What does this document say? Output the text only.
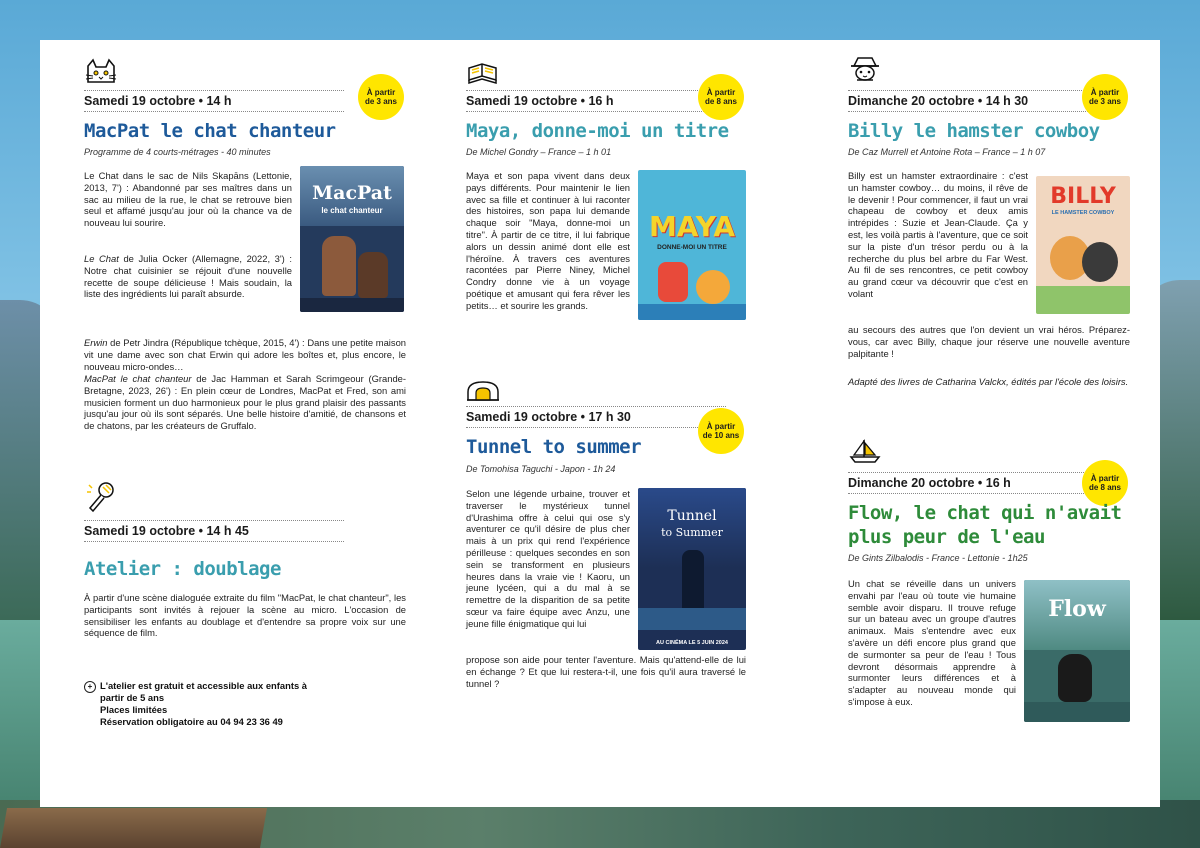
Samedi 19 octobre • 14 h
À partir
de 3 ans
MacPat le chat chanteur
Programme de 4 courts-métrages - 40 minutes
MacPat
le chat chanteur

Le Chat dans le sac de Nils Skapāns (Lettonie, 2013, 7') : Abandonné par ses maîtres dans un sac au milieu de la rue, le chat se retrouve bien seul et affamé jusqu'au jour où la chance va de nouveau lui sourire.

Le Chat de Julia Ocker (Allemagne, 2022, 3') : Notre chat cuisinier se réjouit d'une nouvelle recette de soupe délicieuse ! Mais soudain, la liste des ingrédients lui paraît absurde.

Erwin de Petr Jindra (République tchèque, 2015, 4') : Dans une petite maison vit une dame avec son chat Erwin qui adore les boîtes et, plus encore, le nouveau micro-ondes…

MacPat le chat chanteur de Jac Hamman et Sarah Scrimgeour (Grande-Bretagne, 2023, 26') : En plein cœur de Londres, MacPat et Fred, son ami musicien forment un duo harmonieux pour le plus grand plaisir des passants jusqu'au jour où ils sont séparés. Une belle histoire d'amitié, de chansons et de chatons, par les créateurs de Gruffalo.

Samedi 19 octobre • 14 h 45
Atelier : doublage

À partir d'une scène dialoguée extraite du film "MacPat, le chat chanteur", les participants sont invités à rejouer la scène au micro. L'occasion de sensibiliser les enfants au doublage et d'entendre sa propre voix sur une séquence de film.

+ L'atelier est gratuit et accessible aux enfants à
partir de 5 ans
Places limitées
Réservation obligatoire au 04 94 23 36 49
Samedi 19 octobre • 16 h
À partir
de 8 ans
Maya, donne-moi un titre
De Michel Gondry – France – 1 h 01
MAYA
DONNE-MOI UN TITRE

Maya et son papa vivent dans deux pays différents. Pour maintenir le lien avec sa fille et continuer à lui raconter des histoires, son papa lui demande chaque soir "Maya, donne-moi un titre". À partir de ce titre, il lui fabrique alors un dessin animé dont elle est l'héroïne. À travers ces aventures racontées par Pierre Niney, Michel Condry donne vie à un voyage poétique et amusant qui fera rêver les petits… et sourire les grands.

Samedi 19 octobre • 17 h 30
À partir
de 10 ans
Tunnel to summer
De Tomohisa Taguchi - Japon - 1h 24
Tunnel
to Summer
AU CINÉMA LE 5 JUIN 2024

Selon une légende urbaine, trouver et traverser le mystérieux tunnel d'Urashima offre à celui qui ose s'y aventurer ce qu'il désire de plus cher mais à un prix qui rend l'expérience périlleuse : quelques secondes en son sein se transforment en plusieurs heures dans la vraie vie ! Kaoru, un jeune lycéen, qui a du mal à se remettre de la disparition de sa petite sœur va faire équipe avec Anzu, une jeune fille énigmatique qui lui

propose son aide pour tenter l'aventure. Mais qu'attend-elle de lui en échange ? Et que lui restera-t-il, une fois qu'il aura traversé le tunnel ?

Dimanche 20 octobre • 14 h 30
À partir
de 3 ans
Billy le hamster cowboy
De Caz Murrell et Antoine Rota – France – 1 h 07
BILLY
LE HAMSTER COWBOY

Billy est un hamster extraordinaire : c'est un hamster cowboy… du moins, il rêve de le devenir ! Pour commencer, il faut un vrai chapeau de cowboy et deux amis intrépides : Suzie et Jean-Claude. Ça y est, les voilà partis à l'aventure, que ce soit sur la piste d'un trésor perdu ou à la recherche du plus bel arbre du Far West. Au fil de ses rencontres, ce petit cowboy au grand cœur va découvrir que c'est en volant

au secours des autres que l'on devient un vrai héros. Préparez-vous, car avec Billy, chaque jour réserve une nouvelle aventure palpitante !

Adapté des livres de Catharina Valckx, édités par l'école des loisirs.

Dimanche 20 octobre • 16 h	À partir
de 8 ans
Flow, le chat qui n'avait
plus peur de l'eau
De Gints Zilbalodis - France - Lettonie - 1h25
Flow

Un chat se réveille dans un univers envahi par l'eau où toute vie humaine semble avoir disparu. Il trouve refuge sur un bateau avec un groupe d'autres animaux. Mais s'entendre avec eux s'avère un défi encore plus grand que de surmonter sa peur de l'eau ! Tous devront désormais apprendre à surmonter leurs différences et à s'adapter au nouveau monde qui s'impose à eux.
